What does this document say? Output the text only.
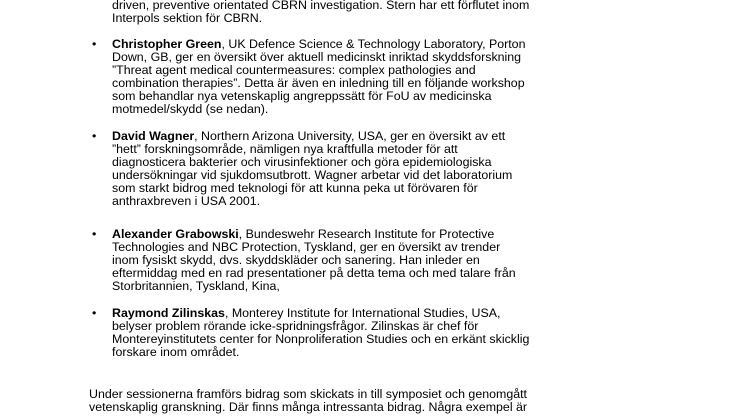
driven, preventive orientated CBRN investigation. Stern har ett förflutet inom
Interpols sektion för CBRN.
• Christopher Green, UK Defence Science & Technology Laboratory, Porton
Down, GB, ger en översikt över aktuell medicinskt inriktad skyddsforskning
”Threat agent medical countermeasures: complex pathologies and
combination therapies”. Detta är även en inledning till en följande workshop
som behandlar nya vetenskaplig angreppssätt för FoU av medicinska
motmedel/skydd (se nedan).
• David Wagner, Northern Arizona University, USA, ger en översikt av ett
”hett” forskningsområde, nämligen nya kraftfulla metoder för att
diagnosticera bakterier och virusinfektioner och göra epidemiologiska
undersökningar vid sjukdomsutbrott. Wagner arbetar vid det laboratorium
som starkt bidrog med teknologi för att kunna peka ut förövaren för
anthraxbreven i USA 2001.
• Alexander Grabowski, Bundeswehr Research Institute for Protective
Technologies and NBC Protection, Tyskland, ger en översikt av trender
inom fysiskt skydd, dvs. skyddskläder och sanering. Han inleder en
eftermiddag med en rad presentationer på detta tema och med talare från
Storbritannien, Tyskland, Kina,
• Raymond Zilinskas, Monterey Institute for International Studies, USA,
belyser problem rörande icke-spridningsfrågor. Zilinskas är chef för
Montereyinstitutets center for Nonproliferation Studies och en erkänt skicklig
forskare inom området.
Under sessionerna framförs bidrag som skickats in till symposiet och genomgått
vetenskaplig granskning. Där finns många intressanta bidrag. Några exempel är
